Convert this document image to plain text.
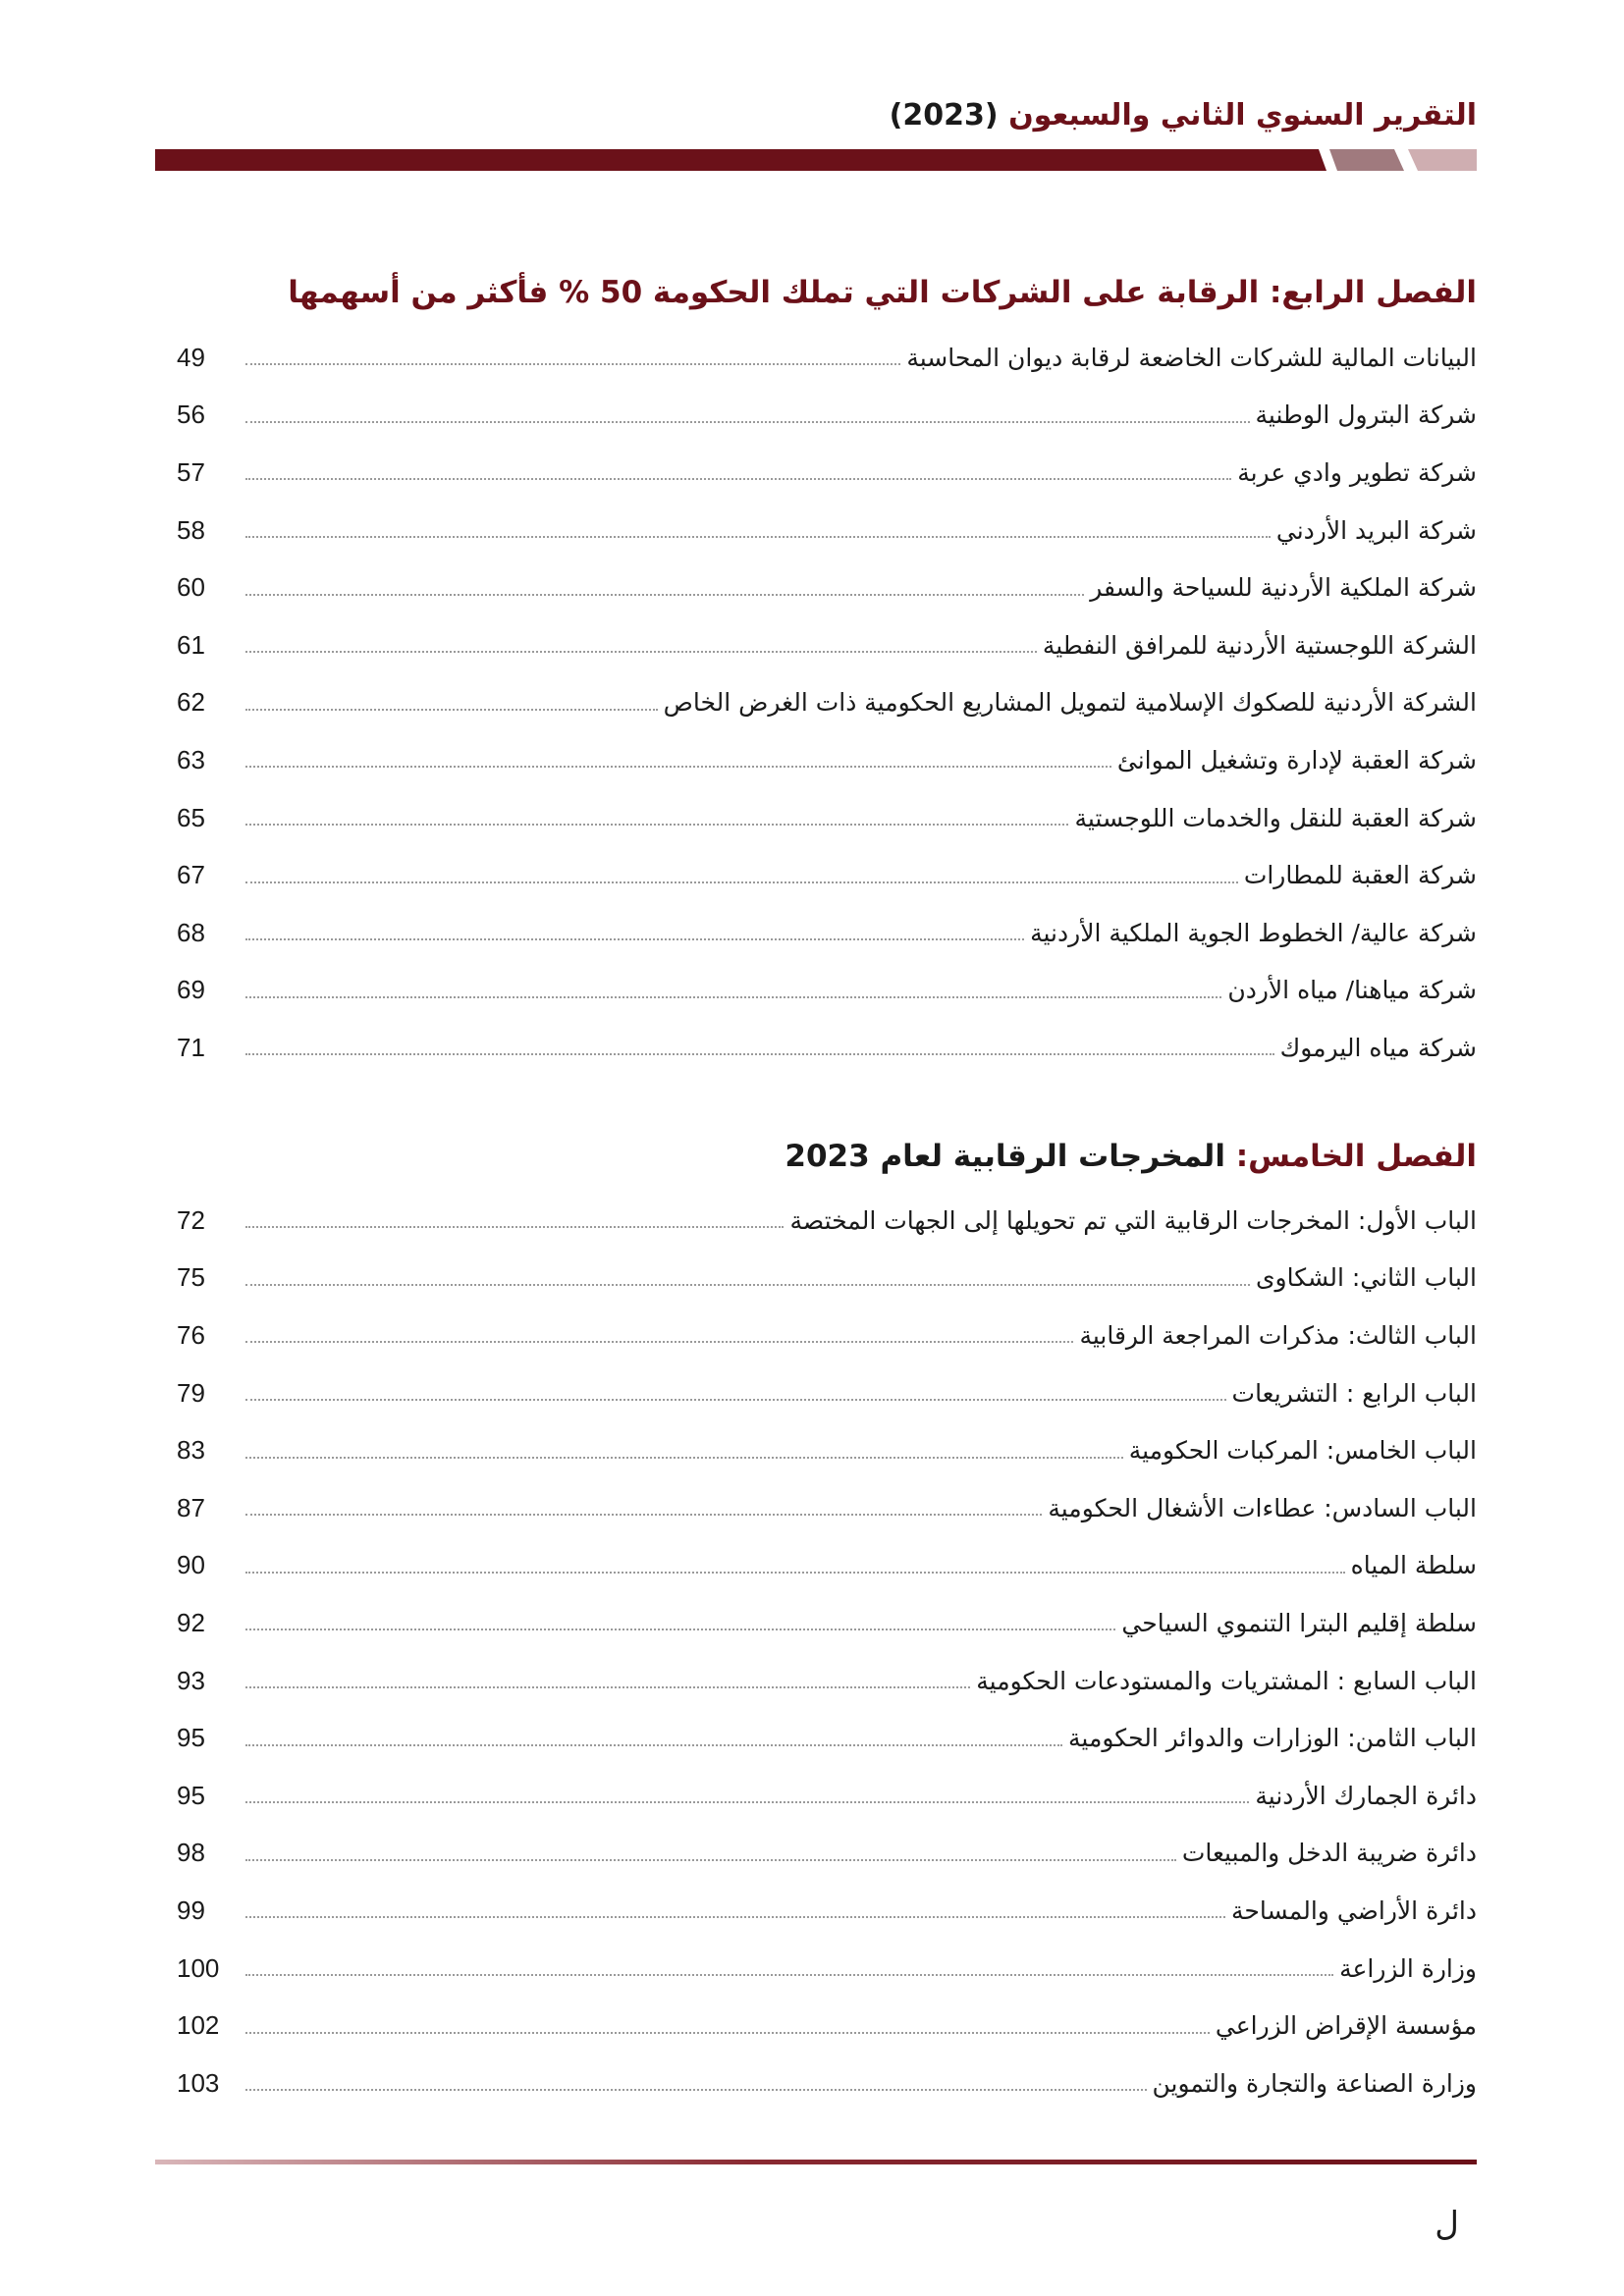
التقرير السنوي الثاني والسبعون (2023)
الفصل الرابع: الرقابة على الشركات التي تملك الحكومة 50 % فأكثر من أسهمها
البيانات المالية للشركات الخاضعة لرقابة ديوان المحاسبة
49
شركة البترول الوطنية
56
شركة تطوير وادي عربة
57
شركة البريد الأردني
58
شركة الملكية الأردنية للسياحة والسفر
60
الشركة اللوجستية الأردنية للمرافق النفطية
61
الشركة الأردنية للصكوك الإسلامية لتمويل المشاريع الحكومية ذات الغرض الخاص
62
شركة العقبة لإدارة وتشغيل الموانئ
63
شركة العقبة للنقل والخدمات اللوجستية
65
شركة العقبة للمطارات
67
شركة عالية/ الخطوط الجوية الملكية الأردنية
68
شركة مياهنا/ مياه الأردن
69
شركة مياه اليرموك
71
الفصل الخامس: المخرجات الرقابية لعام 2023
الباب الأول: المخرجات الرقابية التي تم تحويلها إلى الجهات المختصة
72
الباب الثاني: الشكاوى
75
الباب الثالث: مذكرات المراجعة الرقابية
76
الباب الرابع : التشريعات
79
الباب الخامس: المركبات الحكومية
83
الباب السادس: عطاءات الأشغال الحكومية
87
سلطة المياه
90
سلطة إقليم البترا التنموي السياحي
92
الباب السابع : المشتريات والمستودعات الحكومية
93
الباب الثامن: الوزارات والدوائر الحكومية
95
دائرة الجمارك الأردنية
95
دائرة ضريبة الدخل والمبيعات
98
دائرة الأراضي والمساحة
99
وزارة الزراعة
100
مؤسسة الإقراض الزراعي
102
وزارة الصناعة والتجارة والتموين
103

ل
